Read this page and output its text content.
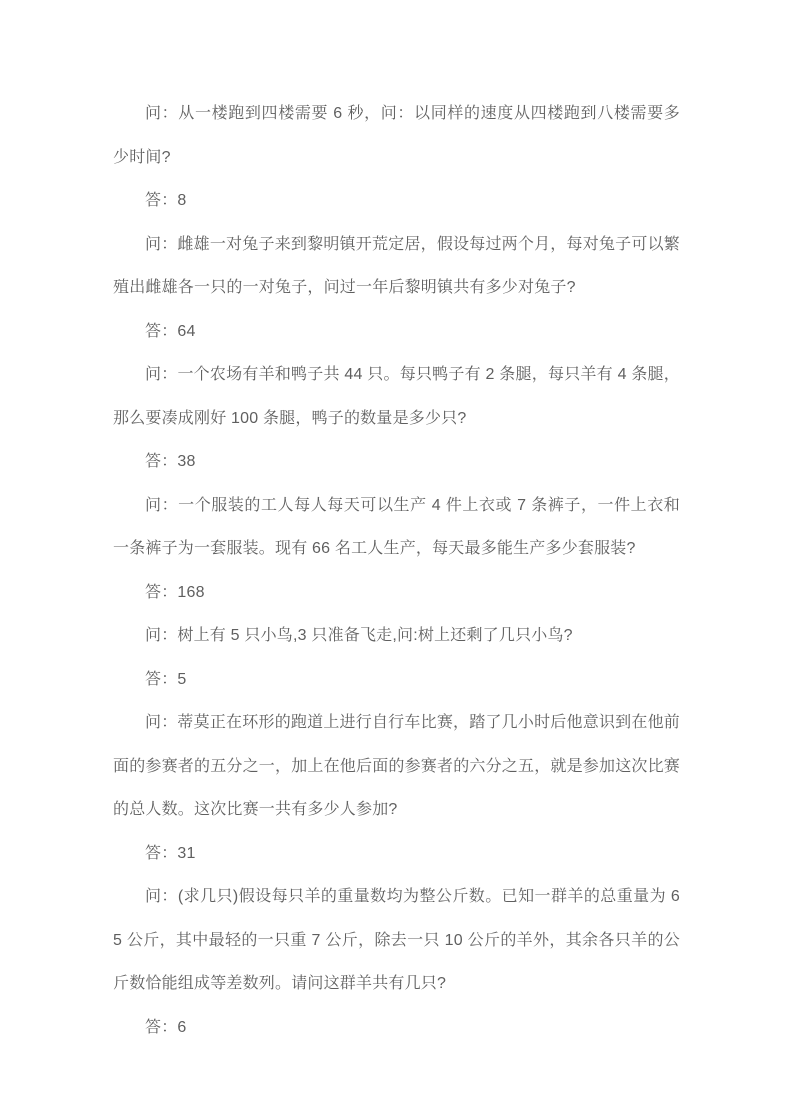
问：从一楼跑到四楼需要 6 秒，问：以同样的速度从四楼跑到八楼需要多少时间?

答：8

问：雌雄一对兔子来到黎明镇开荒定居，假设每过两个月，每对兔子可以繁殖出雌雄各一只的一对兔子，问过一年后黎明镇共有多少对兔子?

答：64

问：一个农场有羊和鸭子共 44 只。每只鸭子有 2 条腿，每只羊有 4 条腿，那么要凑成刚好 100 条腿，鸭子的数量是多少只?

答：38

问：一个服装的工人每人每天可以生产 4 件上衣或 7 条裤子，一件上衣和一条裤子为一套服装。现有 66 名工人生产，每天最多能生产多少套服装?

答：168

问：树上有 5 只小鸟,3 只准备飞走,问:树上还剩了几只小鸟?

答：5

问：蒂莫正在环形的跑道上进行自行车比赛，踏了几小时后他意识到在他前面的参赛者的五分之一，加上在他后面的参赛者的六分之五，就是参加这次比赛的总人数。这次比赛一共有多少人参加?

答：31

问：(求几只)假设每只羊的重量数均为整公斤数。已知一群羊的总重量为 65 公斤，其中最轻的一只重 7 公斤，除去一只 10 公斤的羊外，其余各只羊的公斤数恰能组成等差数列。请问这群羊共有几只?

答：6
